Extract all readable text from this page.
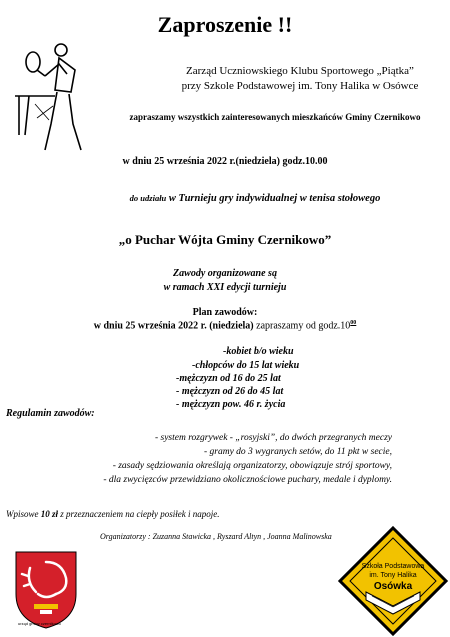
Zaproszenie !!
Zarząd Uczniowskiego Klubu Sportowego „Piątka”
przy Szkole Podstawowej im. Tony Halika w Osówce
zapraszamy wszystkich zainteresowanych mieszkańców Gminy Czernikowo
w dniu 25 września 2022 r.(niedziela) godz.10.00
do udziału w Turnieju gry indywidualnej w tenisa stołowego
„o Puchar Wójta Gminy Czernikowo”
Zawody organizowane są
w ramach XXI edycji turnieju
Plan zawodów:
w dniu 25 września 2022 r. (niedziela) zapraszamy od $godz.10^{00}$
-kobiet b/o wieku
-chłopców do 15 lat wieku
-mężczyzn od 16 do 25 lat
- mężczyzn od 26 do 45 lat
- mężczyzn pow. 46 r. życia
Regulamin zawodów:
- system rozgrywek - „rosyjski”, do dwóch przegranych meczy
- gramy do 3 wygranych setów, do 11 pkt w secie,
- zasady sędziowania określają organizatorzy, obowiązuje strój sportowy,
- dla zwycięzców przewidziano okolicznościowe puchary, medale i dyplomy.
Wpisowe 10 zł z przeznaczeniem na ciepły posiłek i napoje.
Organizatorzy : Zuzanna Stawicka , Ryszard Altyn , Joanna Malinowska
urząd gminy czernikowo
Szkoła Podstawowa
im. Tony Halika
Osówka
